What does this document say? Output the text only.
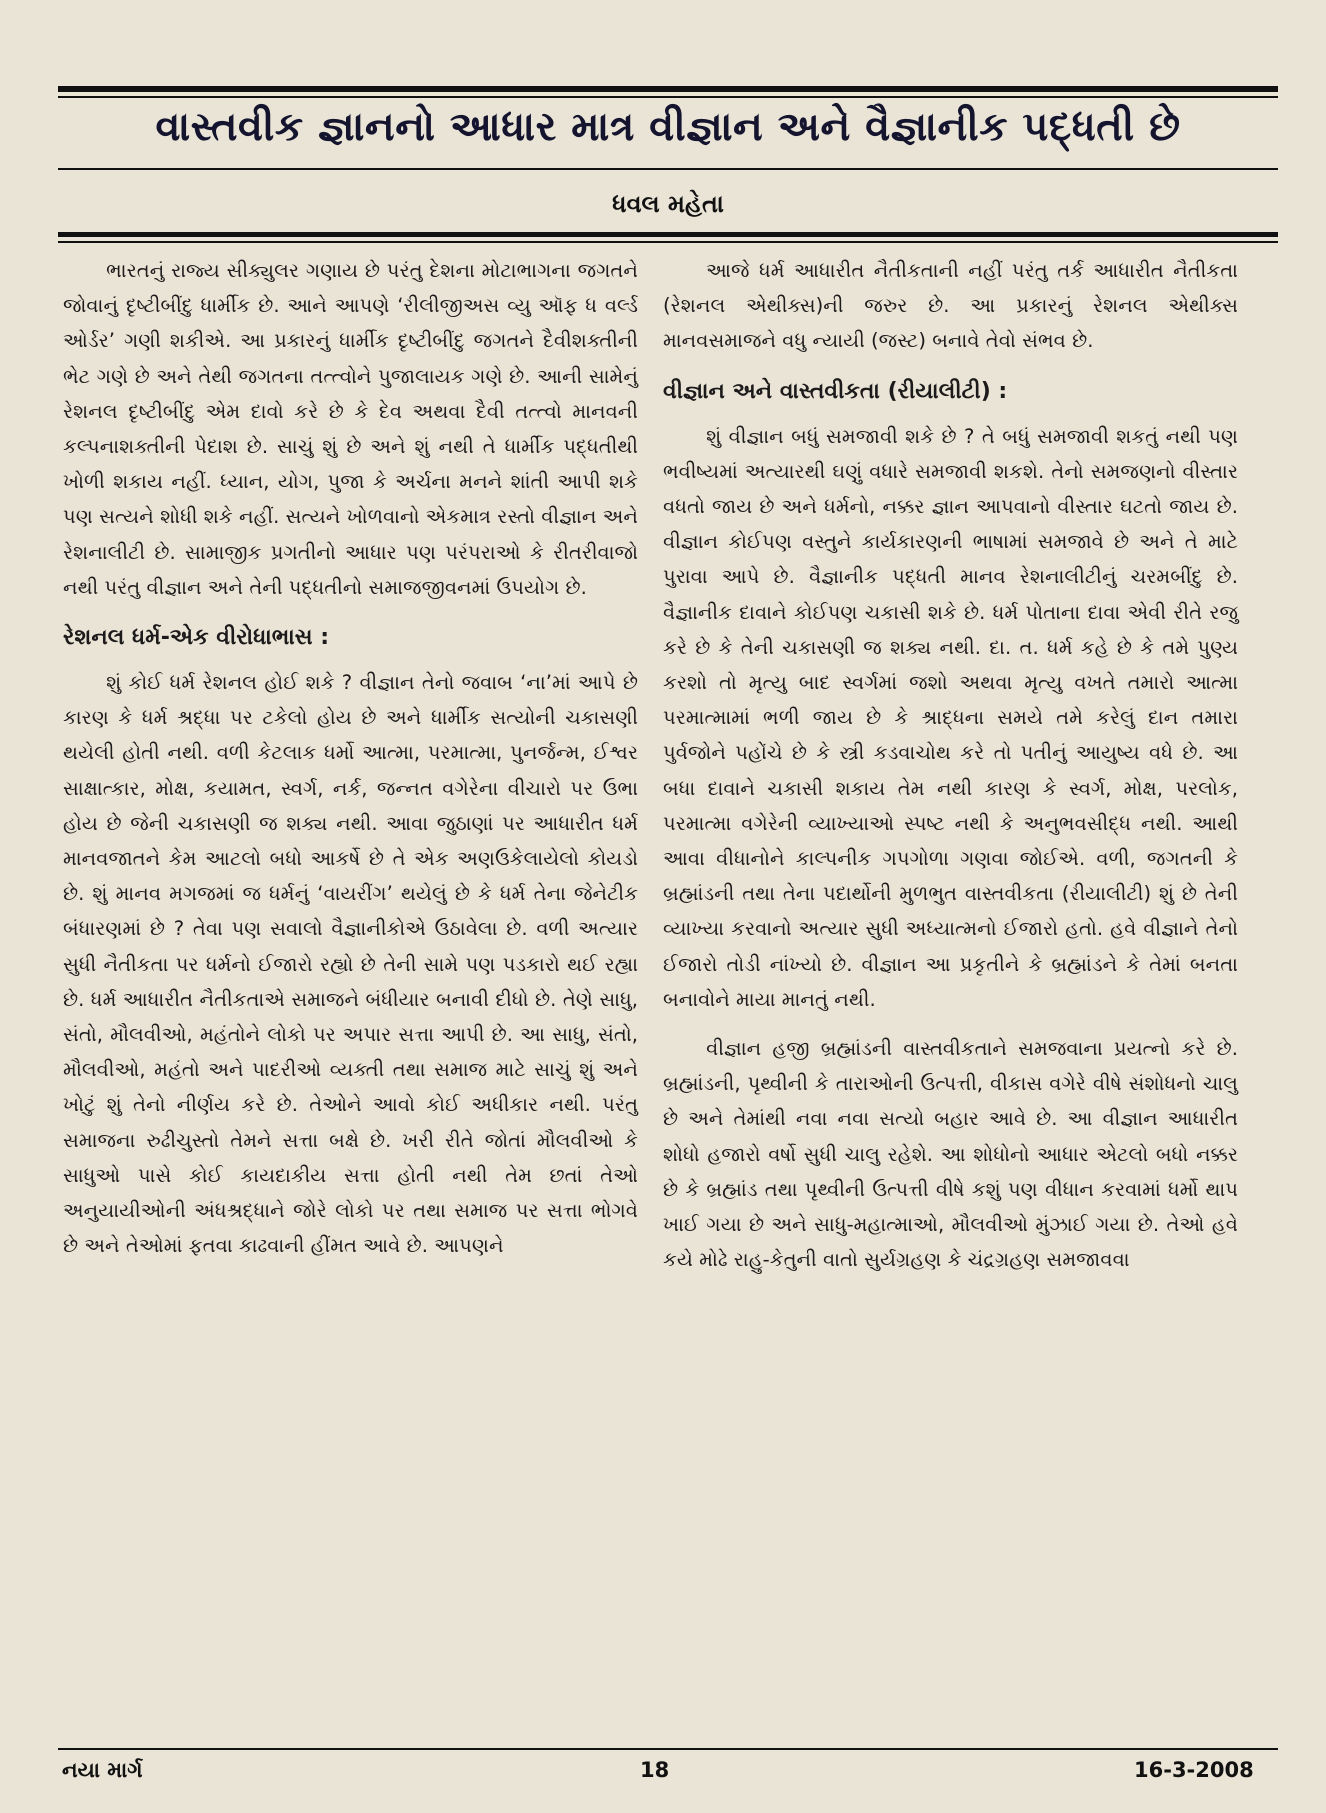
વાસ્તવીક જ્ઞાનનો આધાર માત્ર વીજ્ઞાન અને વૈજ્ઞાનીક પદ્ધતી છે
ધવલ મહેતા

ભારતનું રાજ્ય સીક્યુલર ગણાય છે પરંતુ દેશના મોટાભાગના જગતને જોવાનું દૃષ્ટીબીંદુ ધાર્મીક છે. આને આપણે ‘રીલીજીઅસ વ્યુ ઑફ ધ વર્લ્ડ ઓર્ડર’ ગણી શકીએ. આ પ્રકારનું ધાર્મીક દૃષ્ટીબીંદુ જગતને દૈવીશક્તીની ભેટ ગણે છે અને તેથી જગતના તત્ત્વોને પુજાલાયક ગણે છે. આની સામેનું રેશનલ દૃષ્ટીબીંદુ એમ દાવો કરે છે કે દેવ અથવા દૈવી તત્ત્વો માનવની કલ્પનાશક્તીની પેદાશ છે. સાચું શું છે અને શું નથી તે ધાર્મીક પદ્ધતીથી ખોળી શકાય નહીં. ધ્યાન, યોગ, પુજા કે અર્ચના મનને શાંતી આપી શકે પણ સત્યને શોધી શકે નહીં. સત્યને ખોળવાનો એકમાત્ર રસ્તો વીજ્ઞાન અને રેશનાલીટી છે. સામાજીક પ્રગતીનો આધાર પણ પરંપરાઓ કે રીતરીવાજો નથી પરંતુ વીજ્ઞાન અને તેની પદ્ધતીનો સમાજજીવનમાં ઉપયોગ છે.

રેશનલ ધર્મ-એક વીરોધાભાસ :

શું કોઈ ધર્મ રેશનલ હોઈ શકે ? વીજ્ઞાન તેનો જવાબ ‘ના’માં આપે છે કારણ કે ધર્મ શ્રદ્ધા પર ટકેલો હોય છે અને ધાર્મીક સત્યોની ચકાસણી થયેલી હોતી નથી. વળી કેટલાક ધર્મો આત્મા, પરમાત્મા, પુનર્જન્મ, ઈશ્વર સાક્ષાત્કાર, મોક્ષ, કયામત, સ્વર્ગ, નર્ક, જન્નત વગેરેના વીચારો પર ઉભા હોય છે જેની ચકાસણી જ શક્ય નથી. આવા જુઠાણાં પર આધારીત ધર્મ માનવજાતને કેમ આટલો બધો આકર્ષે છે તે એક અણઉકેલાયેલો કોયડો છે. શું માનવ મગજમાં જ ધર્મનું ‘વાયરીંગ’ થયેલું છે કે ધર્મ તેના જેનેટીક બંધારણમાં છે ? તેવા પણ સવાલો વૈજ્ઞાનીકોએ ઉઠાવેલા છે. વળી અત્યાર સુધી નૈતીકતા પર ધર્મનો ઈજારો રહ્યો છે તેની સામે પણ પડકારો થઈ રહ્યા છે. ધર્મ આધારીત નૈતીકતાએ સમાજને બંધીયાર બનાવી દીધો છે. તેણે સાધુ, સંતો, મૌલવીઓ, મહંતોને લોકો પર અપાર સત્તા આપી છે. આ સાધુ, સંતો, મૌલવીઓ, મહંતો અને પાદરીઓ વ્યક્તી તથા સમાજ માટે સાચું શું અને ખોટું શું તેનો નીર્ણય કરે છે. તેઓને આવો કોઈ અધીકાર નથી. પરંતુ સમાજના રુઢીચુસ્તો તેમને સત્તા બક્ષે છે. ખરી રીતે જોતાં મૌલવીઓ કે સાધુઓ પાસે કોઈ કાયદાકીય સત્તા હોતી નથી તેમ છતાં તેઓ અનુયાયીઓની અંધશ્રદ્ધાને જોરે લોકો પર તથા સમાજ પર સત્તા ભોગવે છે અને તેઓમાં ફતવા કાઢવાની હીંમત આવે છે. આપણને

આજે ધર્મ આધારીત નૈતીકતાની નહીં પરંતુ તર્ક આધારીત નૈતીકતા (રેશનલ એથીક્સ)ની જરુર છે. આ પ્રકારનું રેશનલ એથીક્સ માનવસમાજને વધુ ન્યાયી (જસ્ટ) બનાવે તેવો સંભવ છે.

વીજ્ઞાન અને વાસ્તવીકતા (રીયાલીટી) :

શું વીજ્ઞાન બધું સમજાવી શકે છે ? તે બધું સમજાવી શકતું નથી પણ ભવીષ્યમાં અત્યારથી ઘણું વધારે સમજાવી શકશે. તેનો સમજણનો વીસ્તાર વધતો જાય છે અને ધર્મનો, નક્કર જ્ઞાન આપવાનો વીસ્તાર ઘટતો જાય છે. વીજ્ઞાન કોઈપણ વસ્તુને કાર્યકારણની ભાષામાં સમજાવે છે અને તે માટે પુરાવા આપે છે. વૈજ્ઞાનીક પદ્ધતી માનવ રેશનાલીટીનું ચરમબીંદુ છે. વૈજ્ઞાનીક દાવાને કોઈપણ ચકાસી શકે છે. ધર્મ પોતાના દાવા એવી રીતે રજુ કરે છે કે તેની ચકાસણી જ શક્ય નથી. દા. ત. ધર્મ કહે છે કે તમે પુણ્ય કરશો તો મૃત્યુ બાદ સ્વર્ગમાં જશો અથવા મૃત્યુ વખતે તમારો આત્મા પરમાત્મામાં ભળી જાય છે કે શ્રાદ્ધના સમયે તમે કરેલું દાન તમારા પુર્વજોને પહોંચે છે કે સ્ત્રી કડવાચોથ કરે તો પતીનું આયુષ્ય વધે છે. આ બધા દાવાને ચકાસી શકાય તેમ નથી કારણ કે સ્વર્ગ, મોક્ષ, પરલોક, પરમાત્મા વગેરેની વ્યાખ્યાઓ સ્પષ્ટ નથી કે અનુભવસીદ્ધ નથી. આથી આવા વીધાનોને કાલ્પનીક ગપગોળા ગણવા જોઈએ. વળી, જગતની કે બ્રહ્માંડની તથા તેના પદાર્થોની મુળભુત વાસ્તવીકતા (રીયાલીટી) શું છે તેની વ્યાખ્યા કરવાનો અત્યાર સુધી અધ્યાત્મનો ઈજારો હતો. હવે વીજ્ઞાને તેનો ઈજારો તોડી નાંખ્યો છે. વીજ્ઞાન આ પ્રકૃતીને કે બ્રહ્માંડને કે તેમાં બનતા બનાવોને માયા માનતું નથી.

વીજ્ઞાન હજી બ્રહ્માંડની વાસ્તવીકતાને સમજવાના પ્રયત્નો કરે છે. બ્રહ્માંડની, પૃથ્વીની કે તારાઓની ઉત્પત્તી, વીકાસ વગેરે વીષે સંશોધનો ચાલુ છે અને તેમાંથી નવા નવા સત્યો બહાર આવે છે. આ વીજ્ઞાન આધારીત શોધો હજારો વર્ષો સુધી ચાલુ રહેશે. આ શોધોનો આધાર એટલો બધો નક્કર છે કે બ્રહ્માંડ તથા પૃથ્વીની ઉત્પત્તી વીષે કશું પણ વીધાન કરવામાં ધર્મો થાપ ખાઈ ગયા છે અને સાધુ-મહાત્માઓ, મૌલવીઓ મુંઝાઈ ગયા છે. તેઓ હવે કયે મોઢે રાહુ-કેતુની વાતો સુર્યગ્રહણ કે ચંદ્રગ્રહણ સમજાવવા

નયા માર્ગ	18	16-3-2008
